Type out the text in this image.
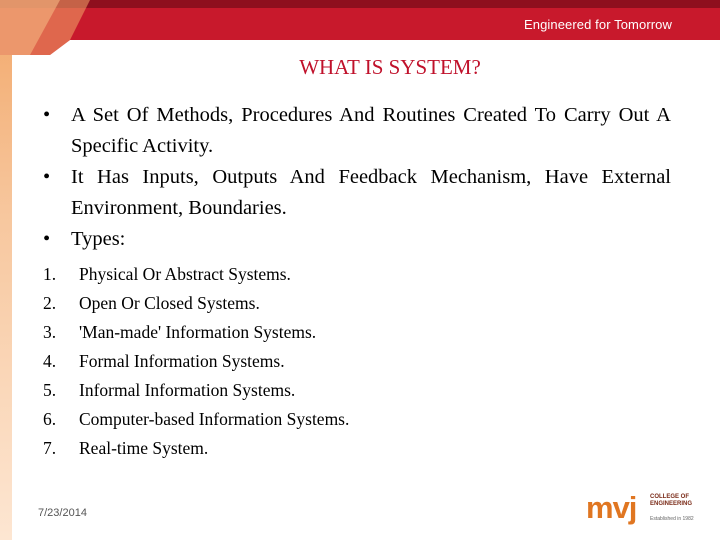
Engineered for Tomorrow
WHAT IS SYSTEM?
• A Set Of Methods, Procedures And Routines Created To Carry Out A Specific Activity.
• It Has Inputs, Outputs And Feedback Mechanism, Have External Environment, Boundaries.
• Types:
1. Physical Or Abstract Systems.
2. Open Or Closed Systems.
3. 'Man-made' Information Systems.
4. Formal Information Systems.
5. Informal Information Systems.
6. Computer-based Information Systems.
7. Real-time System.
7/23/2014	mvj COLLEGE OF
ENGINEERING
Established in 1982
